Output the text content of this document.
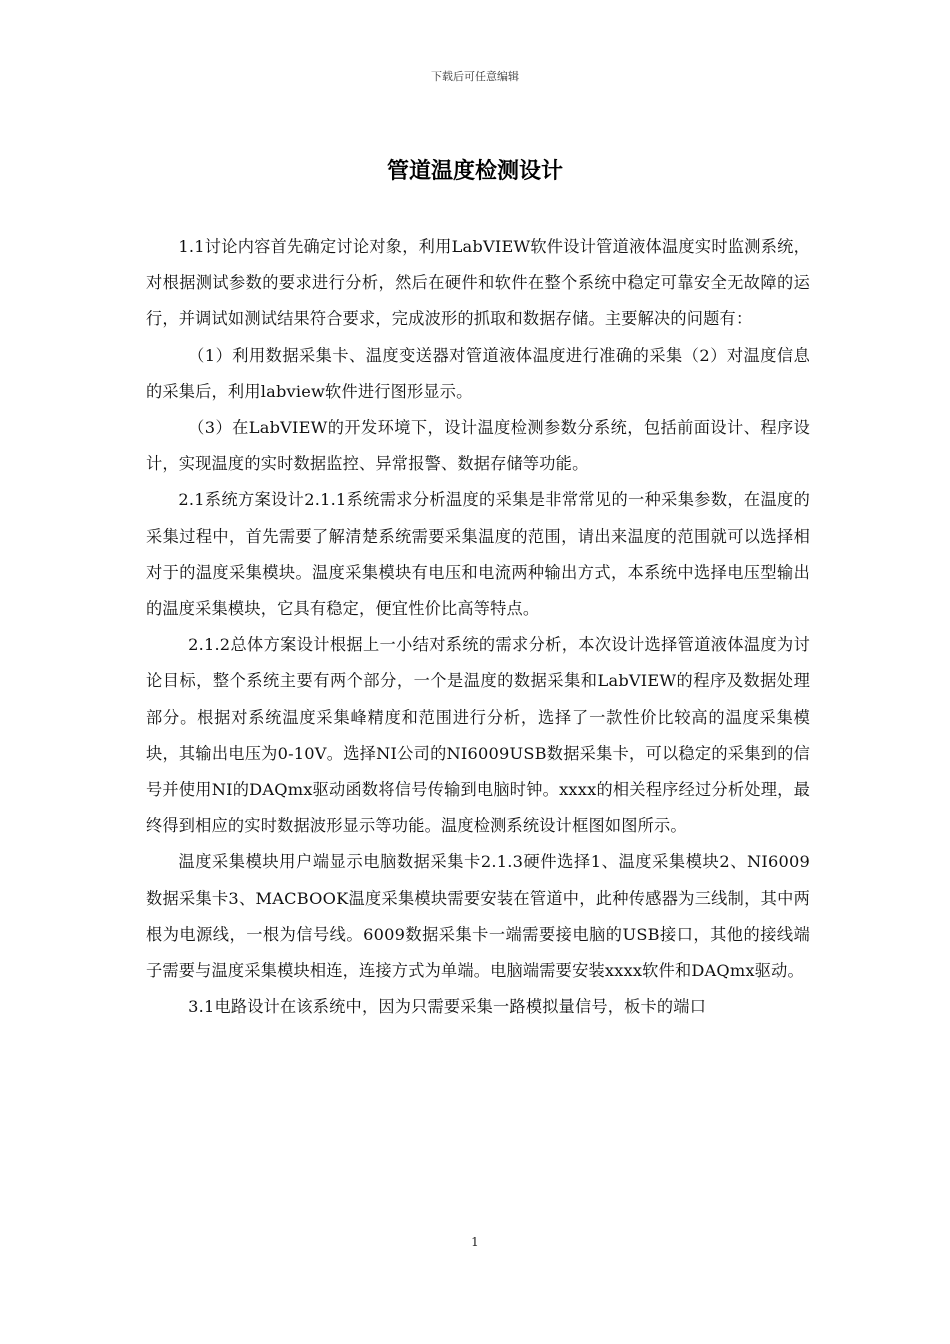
下载后可任意编辑
管道温度检测设计

1.1讨论内容首先确定讨论对象，利用LabVIEW软件设计管道液体温度实时监测系统，对根据测试参数的要求进行分析，然后在硬件和软件在整个系统中稳定可靠安全无故障的运行，并调试如测试结果符合要求，完成波形的抓取和数据存储。主要解决的问题有：

（1）利用数据采集卡、温度变送器对管道液体温度进行准确的采集（2）对温度信息的采集后，利用labview软件进行图形显示。

（3）在LabVIEW的开发环境下，设计温度检测参数分系统，包括前面设计、程序设计，实现温度的实时数据监控、异常报警、数据存储等功能。

2.1系统方案设计2.1.1系统需求分析温度的采集是非常常见的一种采集参数，在温度的采集过程中，首先需要了解清楚系统需要采集温度的范围，请出来温度的范围就可以选择相对于的温度采集模块。温度采集模块有电压和电流两种输出方式，本系统中选择电压型输出的温度采集模块，它具有稳定，便宜性价比高等特点。

2.1.2总体方案设计根据上一小结对系统的需求分析，本次设计选择管道液体温度为讨论目标，整个系统主要有两个部分，一个是温度的数据采集和LabVIEW的程序及数据处理部分。根据对系统温度采集峰精度和范围进行分析，选择了一款性价比较高的温度采集模块，其输出电压为0-10V。选择NI公司的NI6009USB数据采集卡，可以稳定的采集到的信号并使用NI的DAQmx驱动函数将信号传输到电脑时钟。xxxx的相关程序经过分析处理，最终得到相应的实时数据波形显示等功能。温度检测系统设计框图如图所示。

温度采集模块用户端显示电脑数据采集卡2.1.3硬件选择1、温度采集模块2、NI6009数据采集卡3、MACBOOK温度采集模块需要安装在管道中，此种传感器为三线制，其中两根为电源线，一根为信号线。6009数据采集卡一端需要接电脑的USB接口，其他的接线端子需要与温度采集模块相连，连接方式为单端。电脑端需要安装xxxx软件和DAQmx驱动。

3.1电路设计在该系统中，因为只需要采集一路模拟量信号，板卡的端口

1
